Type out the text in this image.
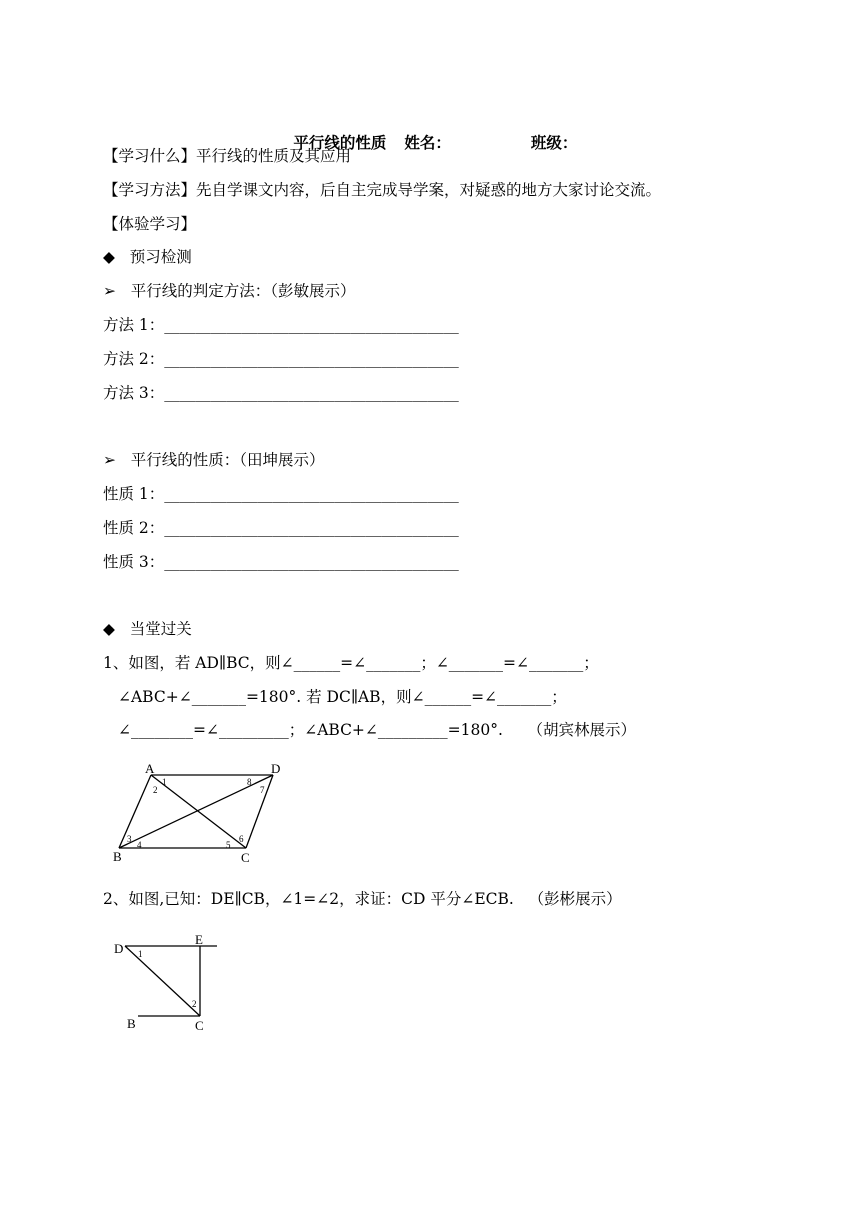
平行线的性质 姓名：	班级：

【学习什么】平行线的性质及其应用
【学习方法】先自学课文内容，后自主完成导学案，对疑惑的地方大家讨论交流。
【体验学习】
◆   预习检测
➢   平行线的判定方法：（彭敏展示）
方法 1：______________________________________
方法 2：______________________________________
方法 3：______________________________________
➢   平行线的性质：（田坤展示）
性质 1：______________________________________
性质 2：______________________________________
性质 3：______________________________________
◆   当堂过关
1、如图，若 AD∥BC，则∠______=∠_______；∠_______=∠_______；
∠ABC+∠_______=180°. 若 DC∥AB，则∠______=∠_______；
∠________=∠_________；∠ABC+∠_________=180°.     （胡宾林展示）
A	D
B	C
1
2
3
4	5
6
7
8
2、如图,已知：DE∥CB，∠1=∠2，求证：CD 平分∠ECB.   （彭彬展示）
D
E
B	C
1
2
